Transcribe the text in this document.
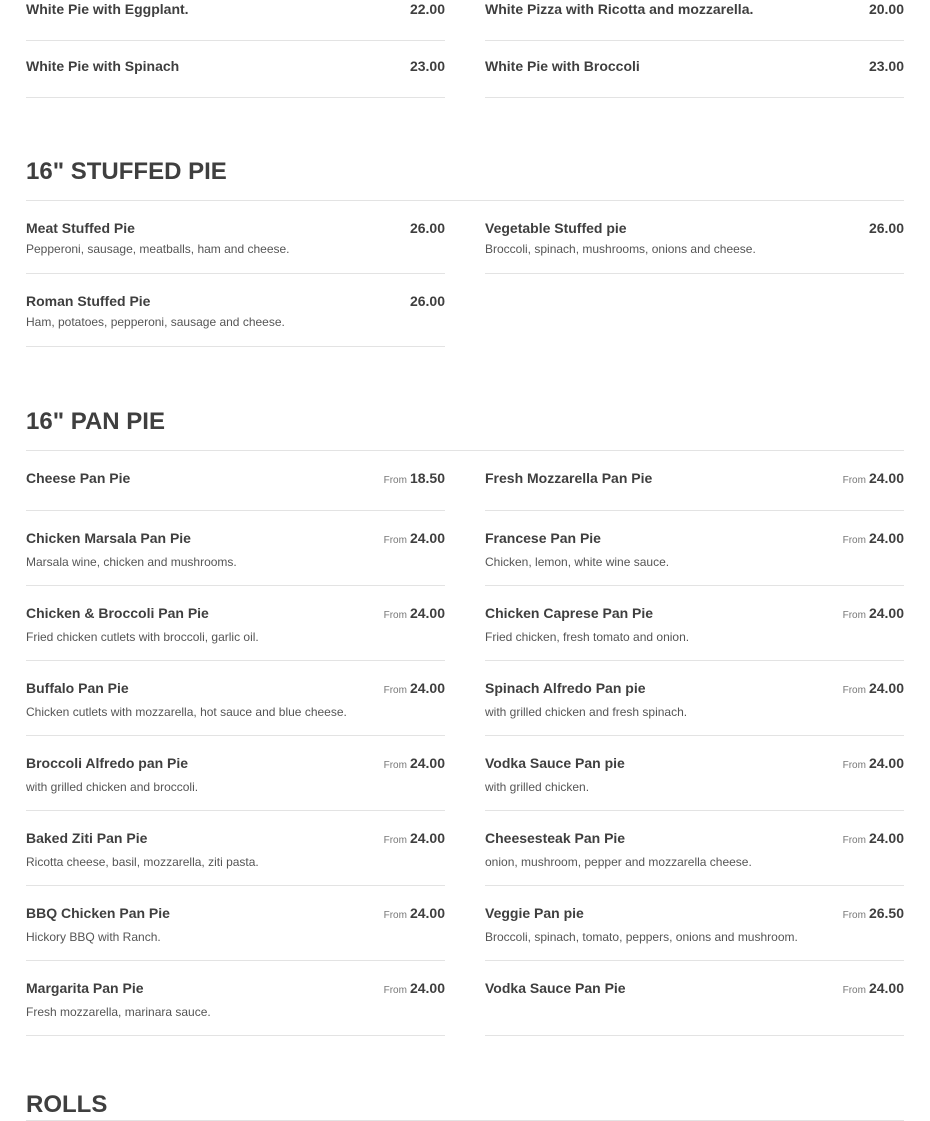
White Pie with Eggplant.	22.00	White Pizza with Ricotta and mozzarella.	20.00
White Pie with Spinach	23.00	White Pie with Broccoli	23.00
16" STUFFED PIE
Meat Stuffed Pie	26.00
Pepperoni, sausage, meatballs, ham and cheese.
Vegetable Stuffed pie	26.00
Broccoli, spinach, mushrooms, onions and cheese.
Roman Stuffed Pie	26.00
Ham, potatoes, pepperoni, sausage and cheese.
16" PAN PIE
Cheese Pan Pie	From 18.50	Fresh Mozzarella Pan Pie	From 24.00
Chicken Marsala Pan Pie	From 24.00
Marsala wine, chicken and mushrooms.
Francese Pan Pie	From 24.00
Chicken, lemon, white wine sauce.
Chicken & Broccoli Pan Pie	From 24.00
Fried chicken cutlets with broccoli, garlic oil.
Chicken Caprese Pan Pie	From 24.00
Fried chicken, fresh tomato and onion.
Buffalo Pan Pie	From 24.00
Chicken cutlets with mozzarella, hot sauce and blue cheese.
Spinach Alfredo Pan pie	From 24.00
with grilled chicken and fresh spinach.
Broccoli Alfredo pan Pie	From 24.00
with grilled chicken and broccoli.
Vodka Sauce Pan pie	From 24.00
with grilled chicken.
Baked Ziti Pan Pie	From 24.00
Ricotta cheese, basil, mozzarella, ziti pasta.
Cheesesteak Pan Pie	From 24.00
onion, mushroom, pepper and mozzarella cheese.
BBQ Chicken Pan Pie	From 24.00
Hickory BBQ with Ranch.
Veggie Pan pie	From 26.50
Broccoli, spinach, tomato, peppers, onions and mushroom.
Margarita Pan Pie	From 24.00
Fresh mozzarella, marinara sauce.
Vodka Sauce Pan Pie	From 24.00
ROLLS
